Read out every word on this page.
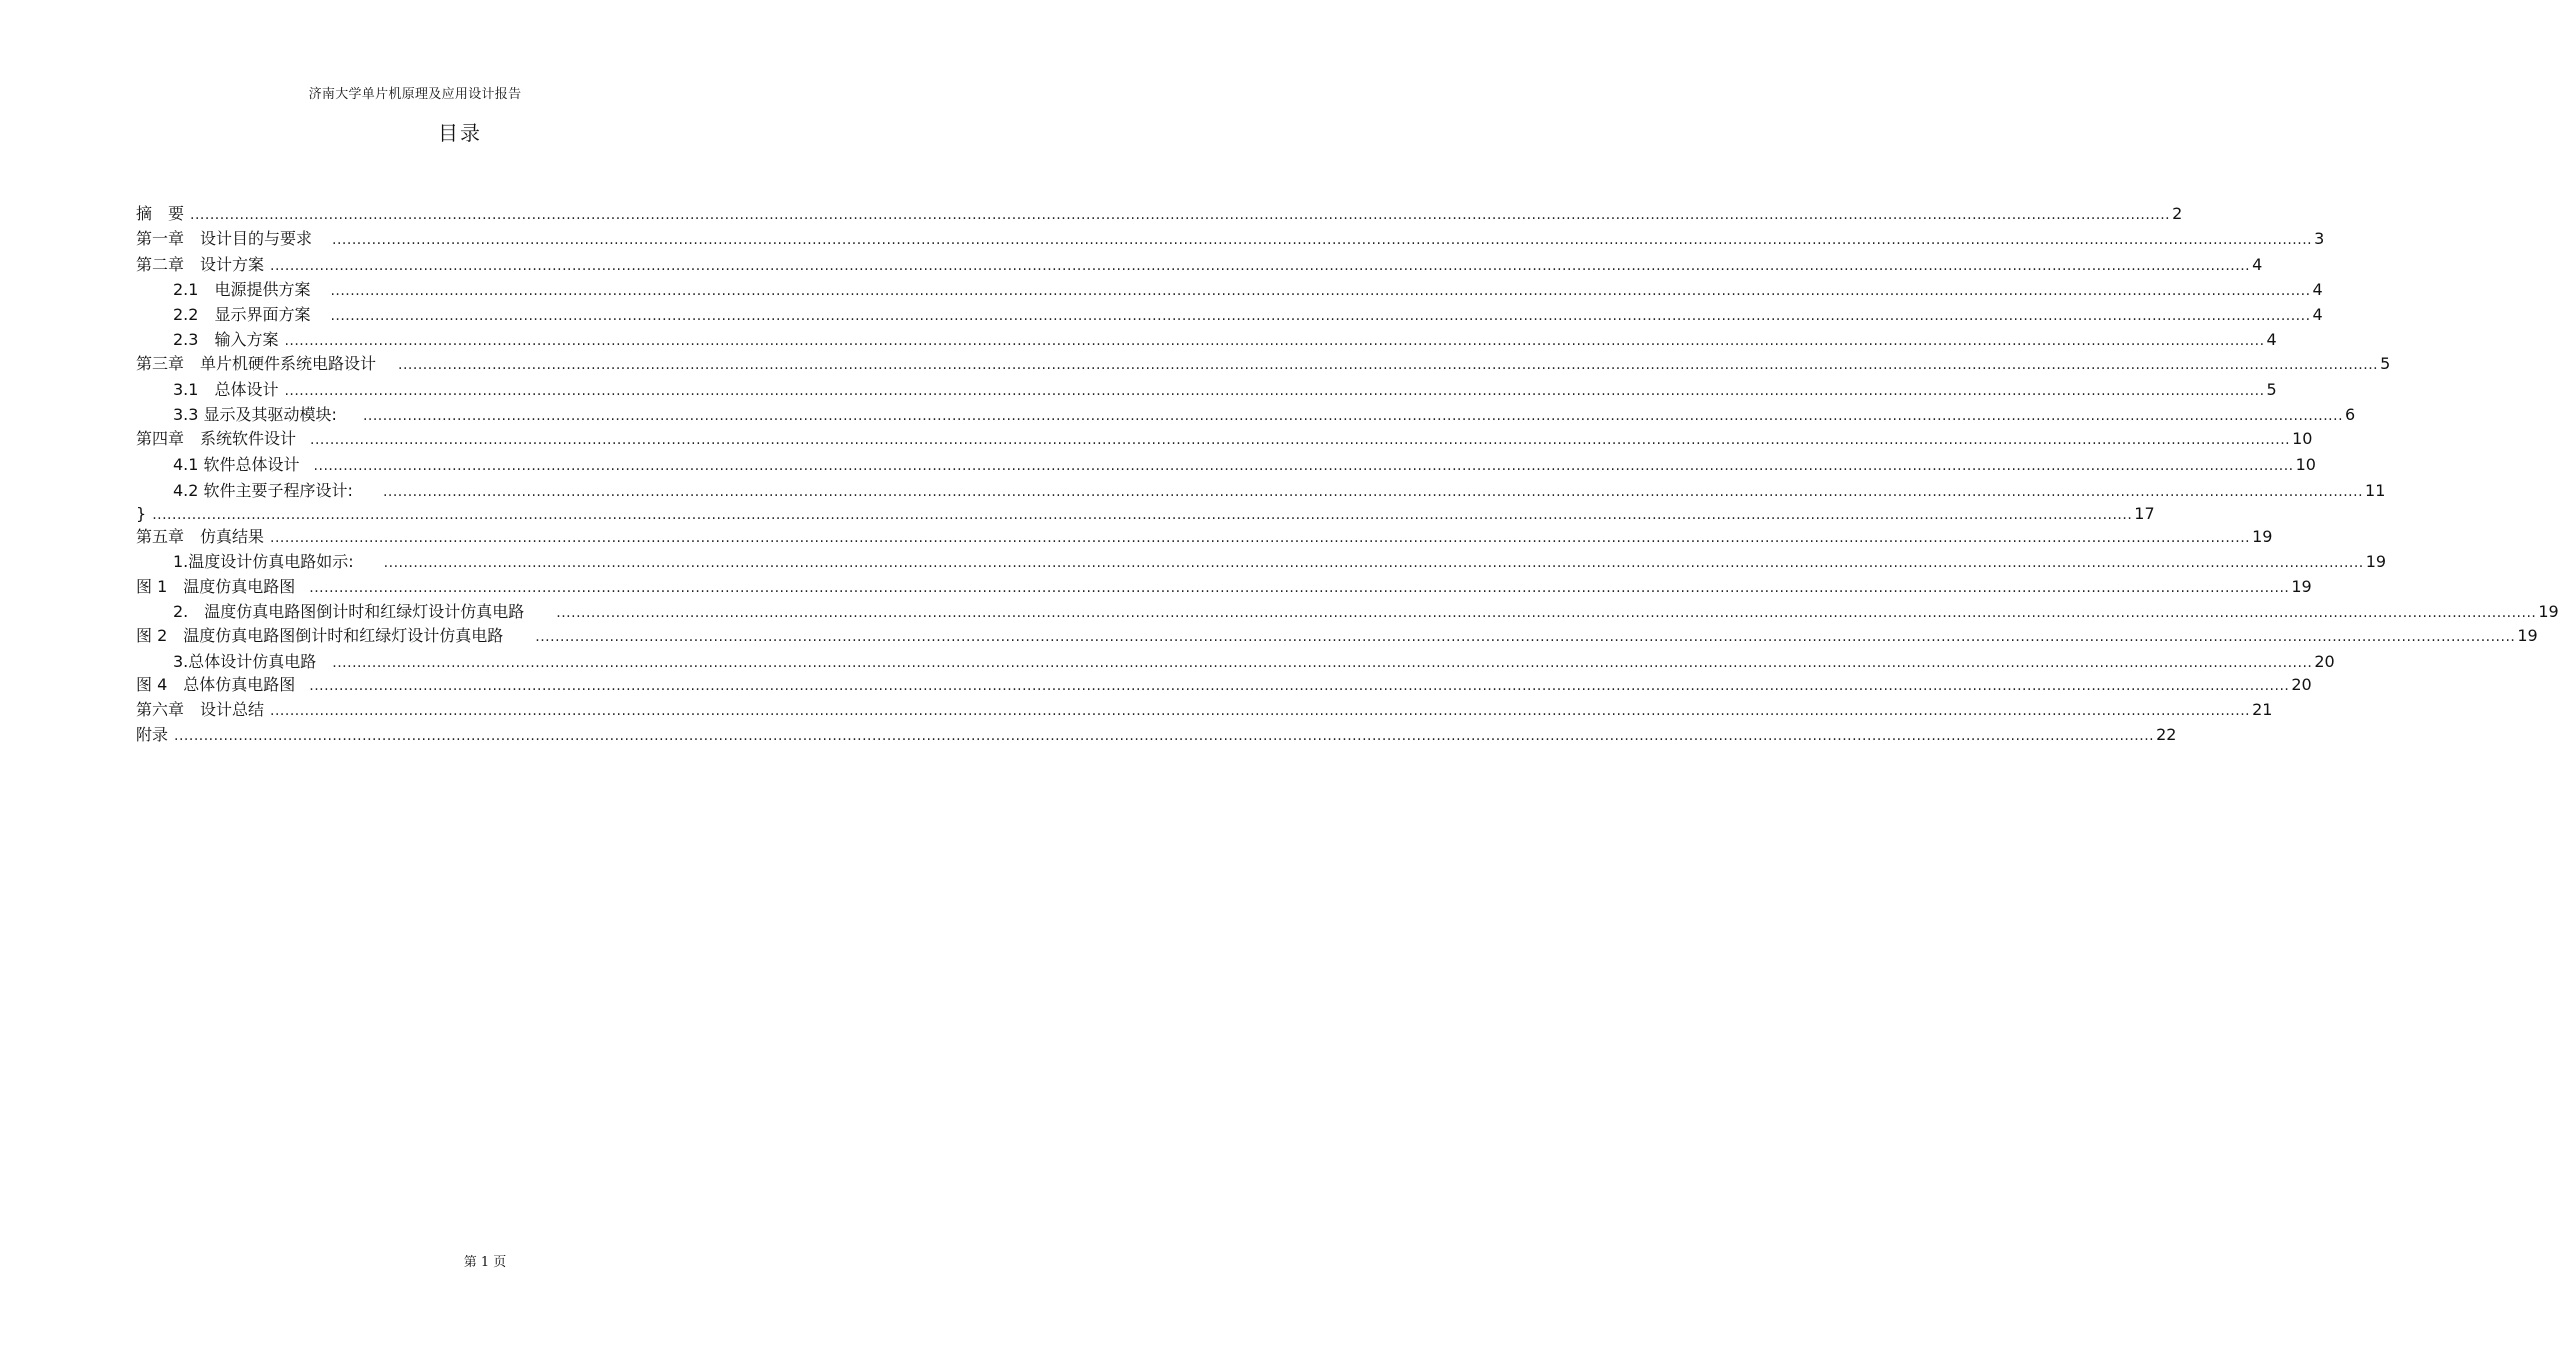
济南大学单片机原理及应用设计报告
目录
摘　要 ................................................................................................................................................................................................................................................................................................................................................................................................................ 2
第一章　设计目的与要求 ................................................................................................................................................................................................................................................................................................................................................................................................................ 3
第二章　设计方案 ................................................................................................................................................................................................................................................................................................................................................................................................................ 4
2.1　电源提供方案 ................................................................................................................................................................................................................................................................................................................................................................................................................ 4
2.2　显示界面方案 ................................................................................................................................................................................................................................................................................................................................................................................................................ 4
2.3　输入方案 ................................................................................................................................................................................................................................................................................................................................................................................................................ 4
第三章　单片机硬件系统电路设计 ................................................................................................................................................................................................................................................................................................................................................................................................................ 5
3.1　总体设计 ................................................................................................................................................................................................................................................................................................................................................................................................................ 5
3.3 显示及其驱动模块: ................................................................................................................................................................................................................................................................................................................................................................................................................ 6
第四章　系统软件设计 ................................................................................................................................................................................................................................................................................................................................................................................................................ 10
4.1 软件总体设计 ................................................................................................................................................................................................................................................................................................................................................................................................................ 10
4.2 软件主要子程序设计: ................................................................................................................................................................................................................................................................................................................................................................................................................ 11
} ................................................................................................................................................................................................................................................................................................................................................................................................................ 17
第五章　仿真结果 ................................................................................................................................................................................................................................................................................................................................................................................................................ 19
1.温度设计仿真电路如示: ................................................................................................................................................................................................................................................................................................................................................................................................................ 19
图 1　温度仿真电路图 ................................................................................................................................................................................................................................................................................................................................................................................................................ 19
2.　温度仿真电路图倒计时和红绿灯设计仿真电路 ................................................................................................................................................................................................................................................................................................................................................................................................................ 19
图 2　温度仿真电路图倒计时和红绿灯设计仿真电路 ................................................................................................................................................................................................................................................................................................................................................................................................................ 19
3.总体设计仿真电路 ................................................................................................................................................................................................................................................................................................................................................................................................................ 20
图 4　总体仿真电路图 ................................................................................................................................................................................................................................................................................................................................................................................................................ 20
第六章　设计总结 ................................................................................................................................................................................................................................................................................................................................................................................................................ 21
附录 ................................................................................................................................................................................................................................................................................................................................................................................................................ 22
第 1 页
